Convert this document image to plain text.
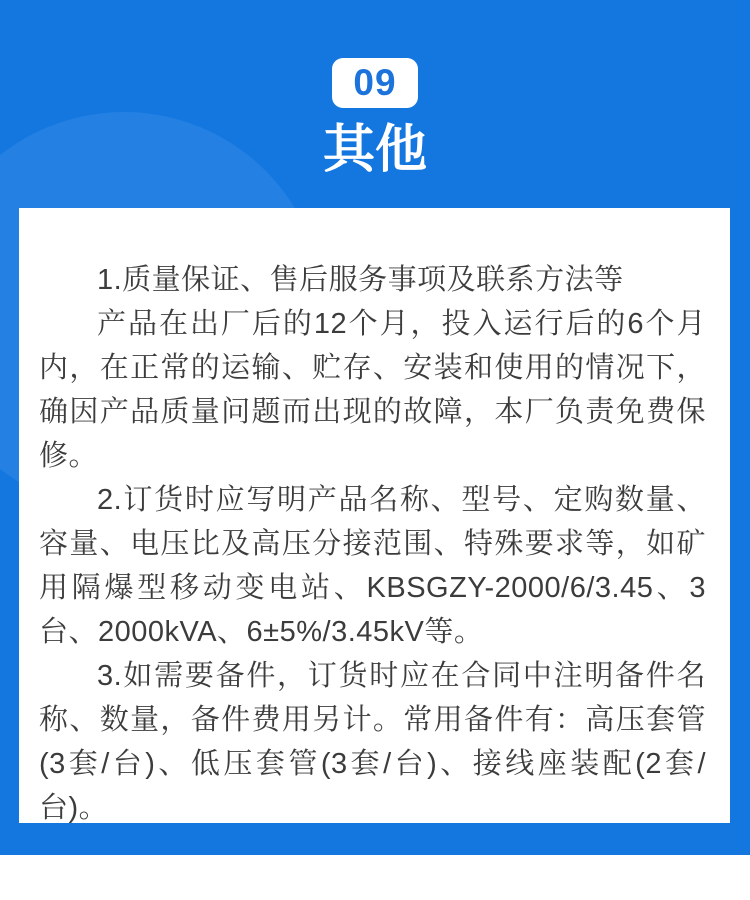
09
其他

1.质量保证、售后服务事项及联系方法等

产品在出厂后的12个月，投入运行后的6个月内，在正常的运输、贮存、安装和使用的情况下，确因产品质量问题而出现的故障，本厂负责免费保修。

2.订货时应写明产品名称、型号、定购数量、容量、电压比及高压分接范围、特殊要求等，如矿用隔爆型移动变电站、KBSGZY-2000/6/3.45、3台、2000kVA、6±5%/3.45kV等。

3.如需要备件，订货时应在合同中注明备件名称、数量，备件费用另计。常用备件有：高压套管(3套/台)、低压套管(3套/台)、接线座装配(2套/台)。
